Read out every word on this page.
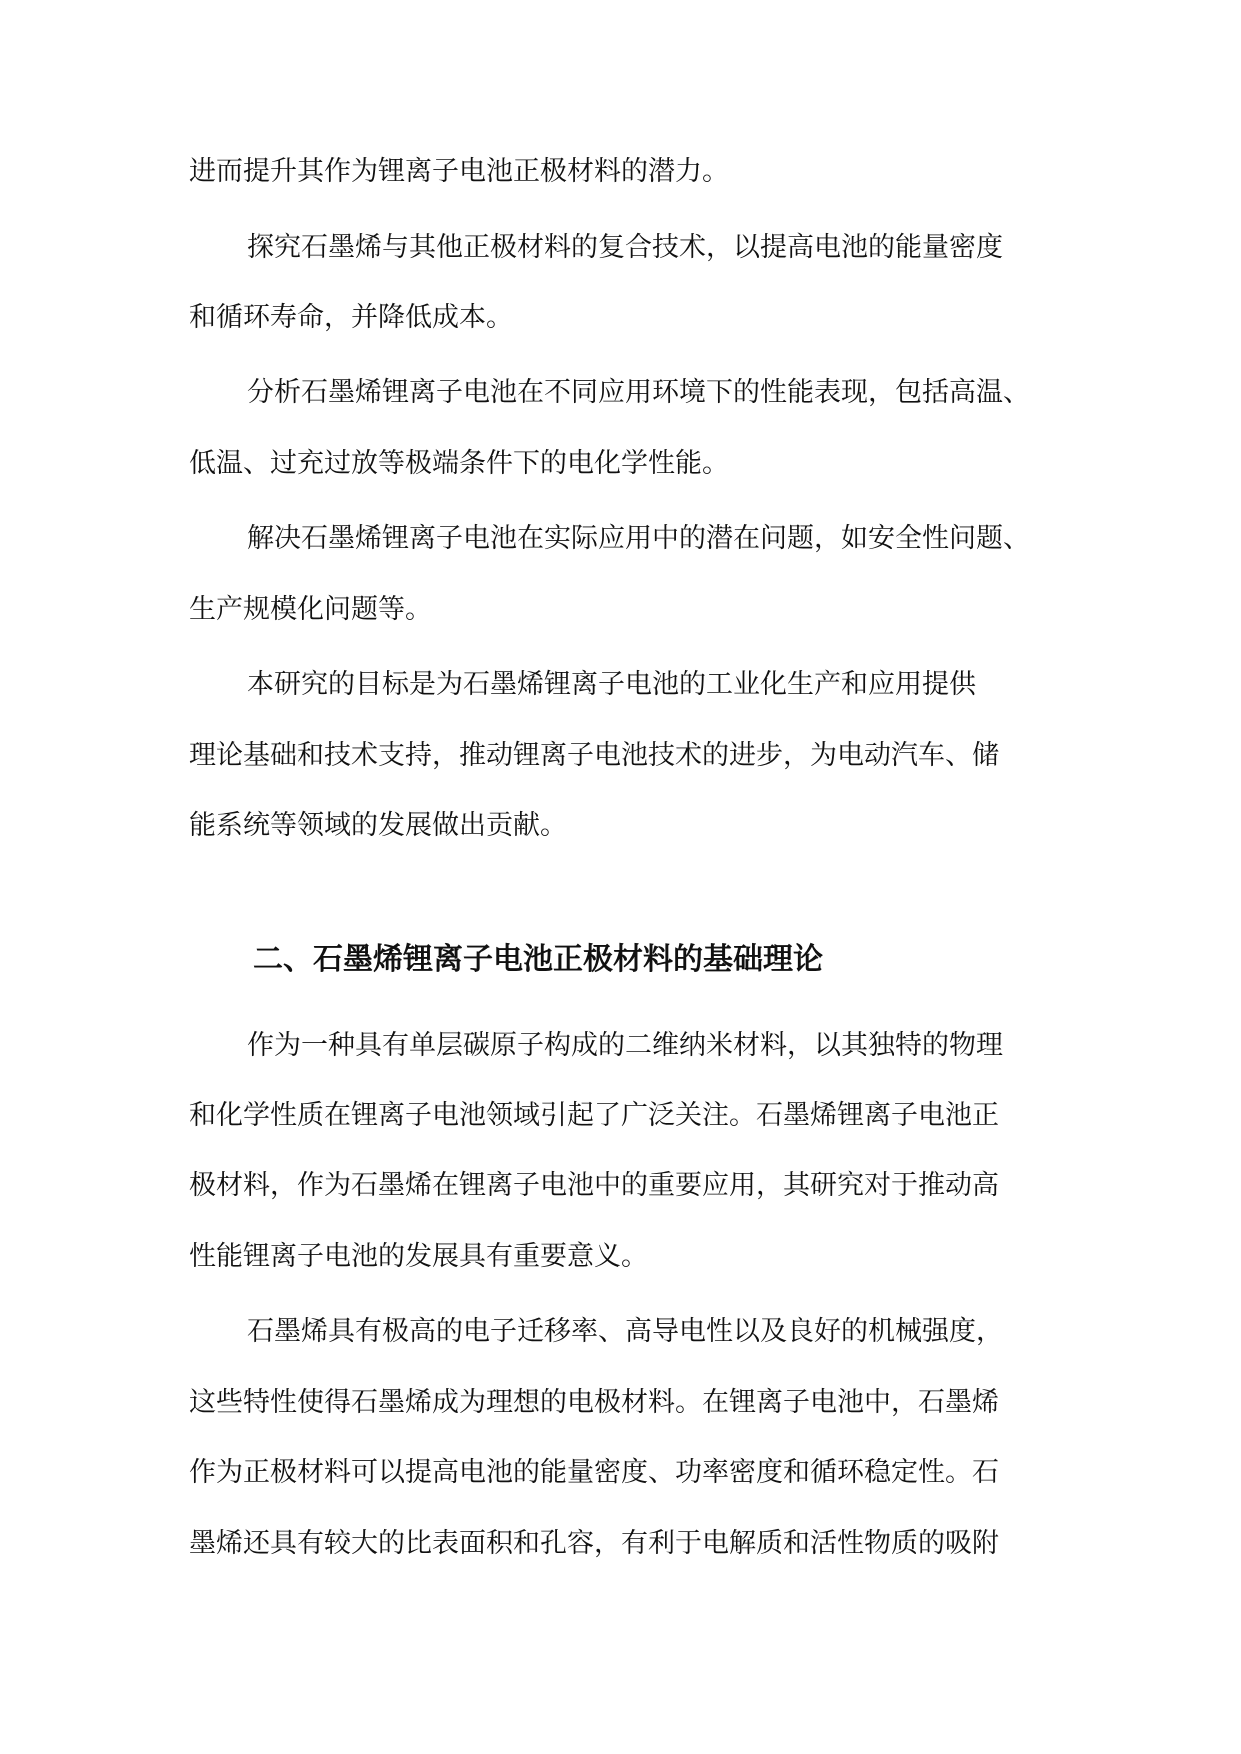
进而提升其作为锂离子电池正极材料的潜力。
探究石墨烯与其他正极材料的复合技术，以提高电池的能量密度
和循环寿命，并降低成本。
分析石墨烯锂离子电池在不同应用环境下的性能表现，包括高温、
低温、过充过放等极端条件下的电化学性能。
解决石墨烯锂离子电池在实际应用中的潜在问题，如安全性问题、
生产规模化问题等。
本研究的目标是为石墨烯锂离子电池的工业化生产和应用提供
理论基础和技术支持，推动锂离子电池技术的进步，为电动汽车、储
能系统等领域的发展做出贡献。
二、石墨烯锂离子电池正极材料的基础理论
作为一种具有单层碳原子构成的二维纳米材料，以其独特的物理
和化学性质在锂离子电池领域引起了广泛关注。石墨烯锂离子电池正
极材料，作为石墨烯在锂离子电池中的重要应用，其研究对于推动高
性能锂离子电池的发展具有重要意义。
石墨烯具有极高的电子迁移率、高导电性以及良好的机械强度，
这些特性使得石墨烯成为理想的电极材料。在锂离子电池中，石墨烯
作为正极材料可以提高电池的能量密度、功率密度和循环稳定性。石
墨烯还具有较大的比表面积和孔容，有利于电解质和活性物质的吸附
